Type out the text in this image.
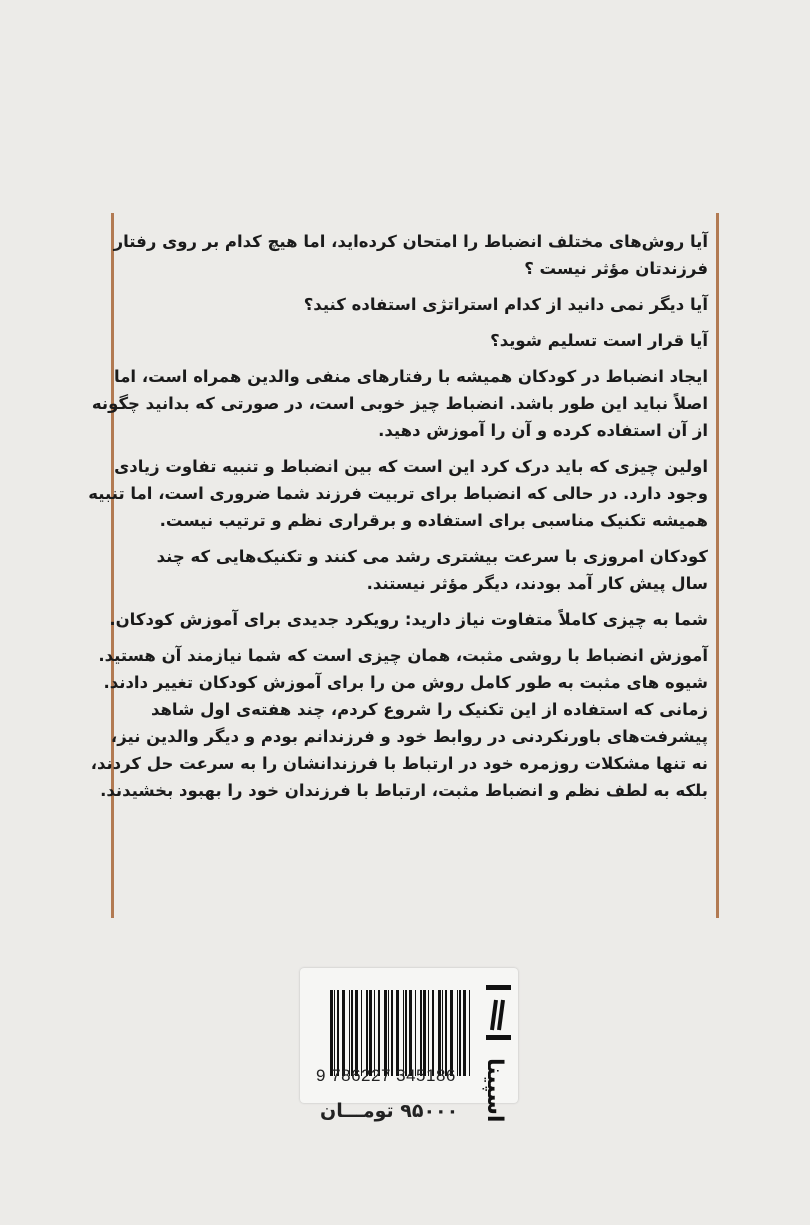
آیا روش‌های مختلف انضباط را امتحان کرده‌اید، اما هیچ کدام بر روی رفتار
فرزندتان مؤثر نیست ؟
آیا دیگر نمی دانید از کدام استراتژی استفاده کنید؟
آیا قرار است تسلیم شوید؟
ایجاد انضباط در کودکان همیشه با رفتارهای منفی والدین همراه است، اما
اصلاً نباید این طور باشد. انضباط چیز خوبی است، در صورتی که بدانید چگونه
از آن استفاده کرده و آن را آموزش دهید.
اولین چیزی که باید درک کرد این است که بین انضباط و تنبیه تفاوت زیادی
وجود دارد. در حالی که انضباط برای تربیت فرزند شما ضروری است، اما تنبیه
همیشه تکنیک مناسبی برای استفاده و برقراری نظم و ترتیب نیست.
کودکان امروزی با سرعت بیشتری رشد می کنند و تکنیک‌هایی که چند
سال پیش کار آمد بودند، دیگر مؤثر نیستند.
شما به چیزی کاملاً متفاوت نیاز دارید: رویکرد جدیدی برای آموزش کودکان.
آموزش انضباط با روشی مثبت، همان چیزی است که شما نیازمند آن هستید.
شیوه های مثبت به طور کامل روش من را برای آموزش کودکان تغییر دادند.
زمانی که استفاده از این تکنیک را شروع کردم، چند هفته‌ی اول شاهد
پیشرفت‌های باورنکردنی در روابط خود و فرزندانم بودم و دیگر والدین نیز،
نه تنها مشکلات روزمره خود در ارتباط با فرزندانشان را به سرعت حل کردند،
بلکه به لطف نظم و انضباط مثبت، ارتباط با فرزندان خود را بهبود بخشیدند.
9 786227 345186 اسپینا
۹۵۰۰۰ تومـــان
